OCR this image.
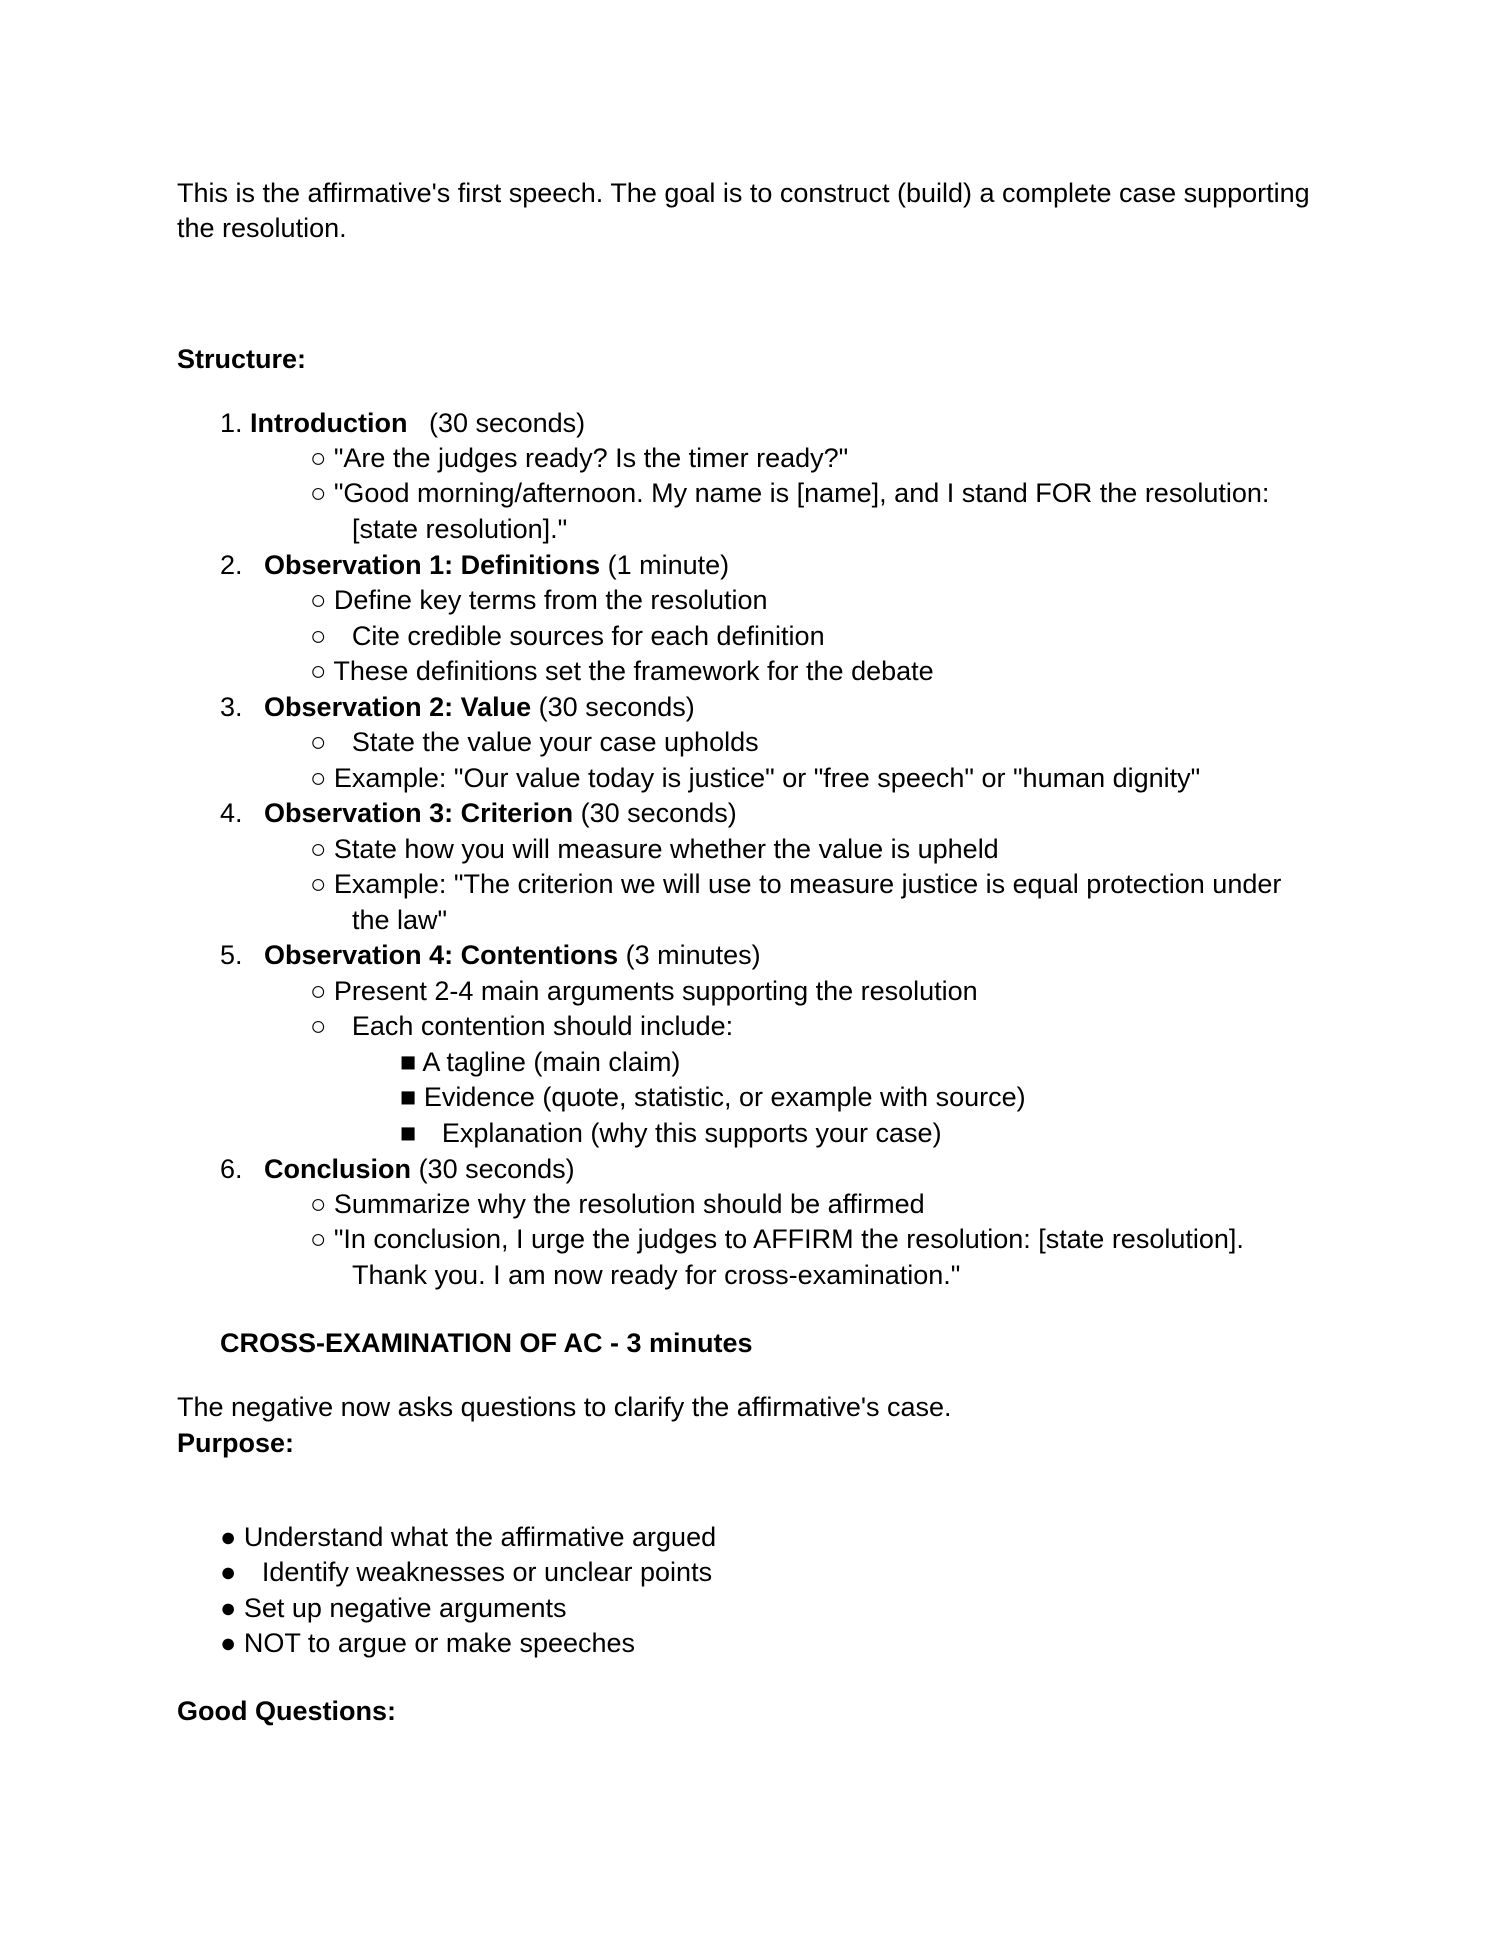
This is the affirmative's first speech. The goal is to construct (build) a complete case supporting
the resolution.
Structure:
1. Introduction (30 seconds)
○ "Are the judges ready? Is the timer ready?"
○ "Good morning/afternoon. My name is [name], and I stand FOR the resolution:
[state resolution]."
2. Observation 1: Definitions (1 minute)
○ Define key terms from the resolution
○ Cite credible sources for each definition
○ These definitions set the framework for the debate
3. Observation 2: Value (30 seconds)
○ State the value your case upholds
○ Example: "Our value today is justice" or "free speech" or "human dignity"
4. Observation 3: Criterion (30 seconds)
○ State how you will measure whether the value is upheld
○ Example: "The criterion we will use to measure justice is equal protection under
the law"
5. Observation 4: Contentions (3 minutes)
○ Present 2-4 main arguments supporting the resolution
○ Each contention should include:
■ A tagline (main claim)
■ Evidence (quote, statistic, or example with source)
■ Explanation (why this supports your case)
6. Conclusion (30 seconds)
○ Summarize why the resolution should be affirmed
○ "In conclusion, I urge the judges to AFFIRM the resolution: [state resolution].
Thank you. I am now ready for cross-examination."
CROSS-EXAMINATION OF AC - 3 minutes
The negative now asks questions to clarify the affirmative's case.
Purpose:
● Understand what the affirmative argued
● Identify weaknesses or unclear points
● Set up negative arguments
● NOT to argue or make speeches
Good Questions:
